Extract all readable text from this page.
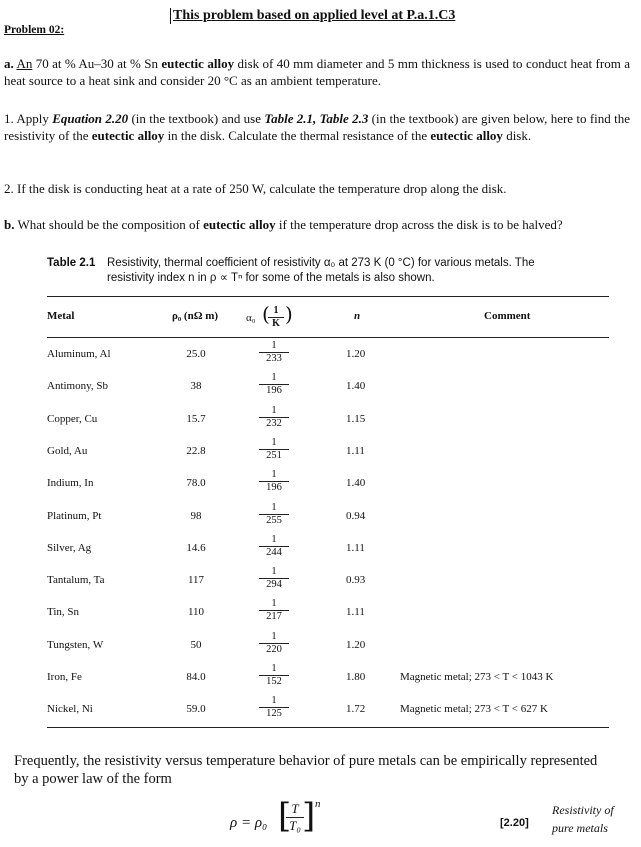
This problem based on applied level at P.a.1.C3
Problem 02:
a. An 70 at % Au–30 at % Sn eutectic alloy disk of 40 mm diameter and 5 mm thickness is used to conduct heat from a heat source to a heat sink and consider 20 °C as an ambient temperature.
1. Apply Equation 2.20 (in the textbook) and use Table 2.1, Table 2.3 (in the textbook) are given below, here to find the resistivity of the eutectic alloy in the disk. Calculate the thermal resistance of the eutectic alloy disk.
2. If the disk is conducting heat at a rate of 250 W, calculate the temperature drop along the disk.
b. What should be the composition of eutectic alloy if the temperature drop across the disk is to be halved?
Table 2.1 Resistivity, thermal coefficient of resistivity α₀ at 273 K (0 °C) for various metals. The resistivity index n in ρ ∝ Tⁿ for some of the metals is also shown.
Metal	ρ₀ (nΩ m)	α₀ (
$\frac{1}{K}$ )	n	Comment
Aluminum, Al	25.0	$\frac{1}{233}$	1.20
Antimony, Sb	38	$\frac{1}{196}$	1.40
Copper, Cu	15.7	$\frac{1}{232}$	1.15
Gold, Au	22.8	$\frac{1}{251}$	1.11
Indium, In	78.0	$\frac{1}{196}$	1.40
Platinum, Pt	98	$\frac{1}{255}$	0.94
Silver, Ag	14.6	$\frac{1}{244}$	1.11
Tantalum, Ta	117	$\frac{1}{294}$	0.93
Tin, Sn	110	$\frac{1}{217}$	1.11
Tungsten, W	50	$\frac{1}{220}$	1.20
Iron, Fe	84.0	$\frac{1}{152}$	1.80	Magnetic metal; 273 < T < 1043 K
Nickel, Ni	59.0	$\frac{1}{125}$	1.72	Magnetic metal; 273 < T < 627 K
Frequently, the resistivity versus temperature behavior of pure metals can be empirically represented by a power law of the form
ρ = ρ₀ [
$\frac{T}{\text{T₀}}$
] n
[2.20]
Resistivity of
pure metals
